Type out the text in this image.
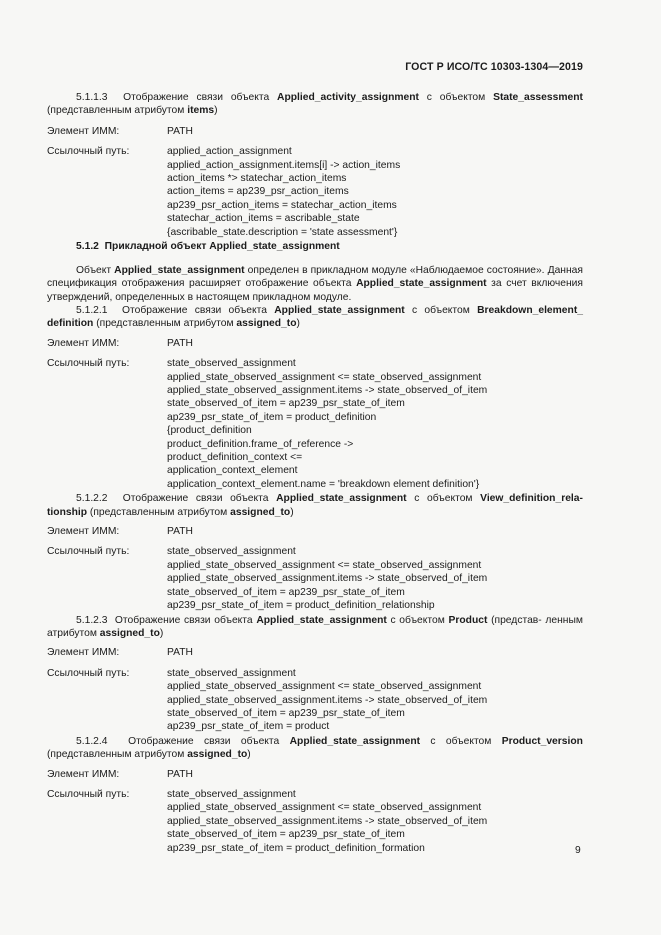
ГОСТ Р ИСО/ТС 10303-1304—2019

5.1.1.3 Отображение связи объекта Applied_activity_assignment с объектом State_assessment (представленным атрибутом items)

Элемент ИММ:	PATH
Ссылочный путь:	applied_action_assignment
applied_action_assignment.items[i] -> action_items
action_items *> statechar_action_items
action_items = ap239_psr_action_items
ap239_psr_action_items = statechar_action_items
statechar_action_items = ascribable_state
{ascribable_state.description = 'state assessment'}

5.1.2 Прикладной объект Applied_state_assignment

Объект Applied_state_assignment определен в прикладном модуле «Наблюдаемое состояние». Данная спецификация отображения расширяет отображение объекта Applied_state_assignment за счет включения утверждений, определенных в настоящем прикладном модуле.

5.1.2.1 Отображение связи объекта Applied_state_assignment с объектом Breakdown_element_ definition (представленным атрибутом assigned_to)

Элемент ИММ:	PATH
Ссылочный путь:	state_observed_assignment
applied_state_observed_assignment <= state_observed_assignment
applied_state_observed_assignment.items -> state_observed_of_item
state_observed_of_item = ap239_psr_state_of_item
ap239_psr_state_of_item = product_definition
{product_definition
product_definition.frame_of_reference ->
product_definition_context <=
application_context_element
application_context_element.name = 'breakdown element definition'}

5.1.2.2 Отображение связи объекта Applied_state_assignment с объектом View_definition_rela- tionship (представленным атрибутом assigned_to)

Элемент ИММ:	PATH
Ссылочный путь:	state_observed_assignment
applied_state_observed_assignment <= state_observed_assignment
applied_state_observed_assignment.items -> state_observed_of_item
state_observed_of_item = ap239_psr_state_of_item
ap239_psr_state_of_item = product_definition_relationship

5.1.2.3 Отображение связи объекта Applied_state_assignment с объектом Product (представ- ленным атрибутом assigned_to)

Элемент ИММ:	PATH
Ссылочный путь:	state_observed_assignment
applied_state_observed_assignment <= state_observed_assignment
applied_state_observed_assignment.items -> state_observed_of_item
state_observed_of_item = ap239_psr_state_of_item
ap239_psr_state_of_item = product

5.1.2.4 Отображение связи объекта Applied_state_assignment с объектом Product_version (представленным атрибутом assigned_to)

Элемент ИММ:	PATH
Ссылочный путь:	state_observed_assignment
applied_state_observed_assignment <= state_observed_assignment
applied_state_observed_assignment.items -> state_observed_of_item
state_observed_of_item = ap239_psr_state_of_item
ap239_psr_state_of_item = product_definition_formation	9
